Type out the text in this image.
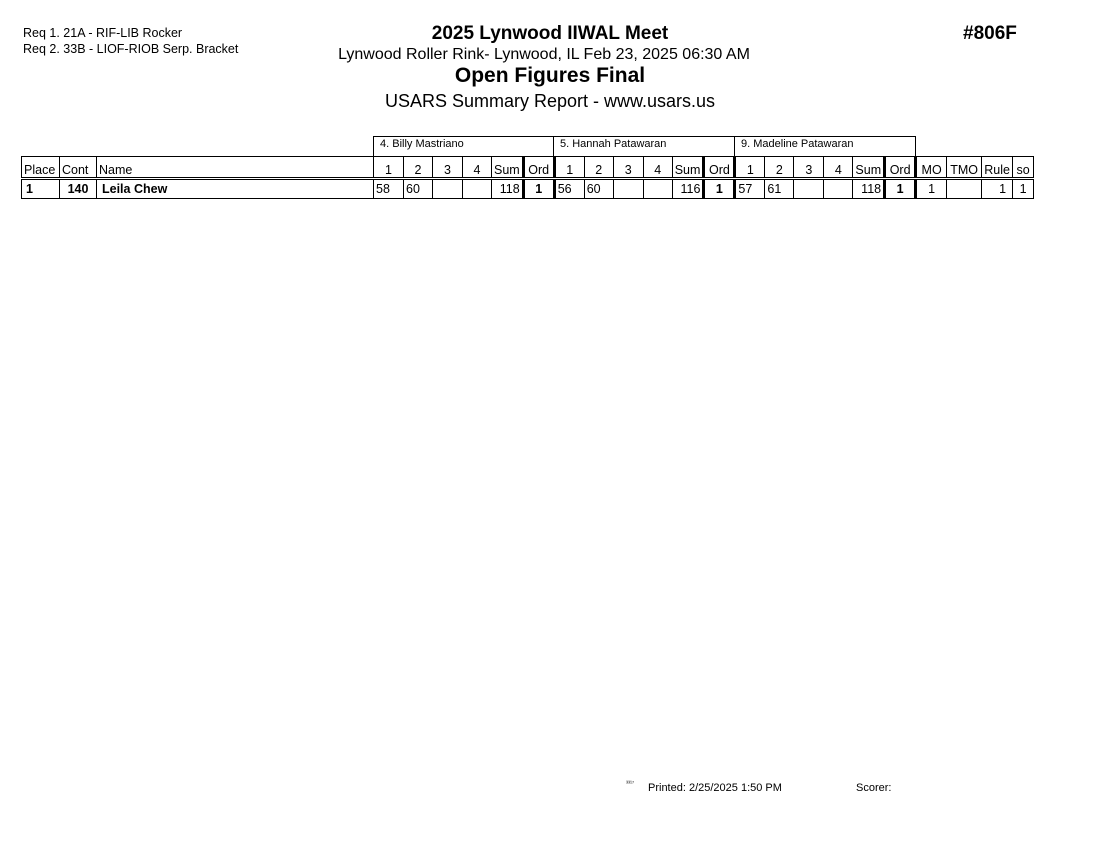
Req 1. 21A - RIF-LIB Rocker
Req 2. 33B - LIOF-RIOB Serp. Bracket
2025 Lynwood IIWAL Meet
Lynwood Roller Rink- Lynwood, IL Feb 23, 2025 06:30 AM
Open Figures Final
USARS Summary Report - www.usars.us
#806F
4. Billy Mastriano	5. Hannah Patawaran	9. Madeline Patawaran
Place	Cont	Name	1	2	3	4	Sum	Ord	1	2	3	4	Sum	Ord	1	2	3	4	Sum	Ord	MO	TMO	Rule	so
1	140	Leila Chew	58	60			118	1	56	60			116	1	57	61			118	1	1		1	1
³³¹⁷ Printed: 2/25/2025 1:50 PM	Scorer:
